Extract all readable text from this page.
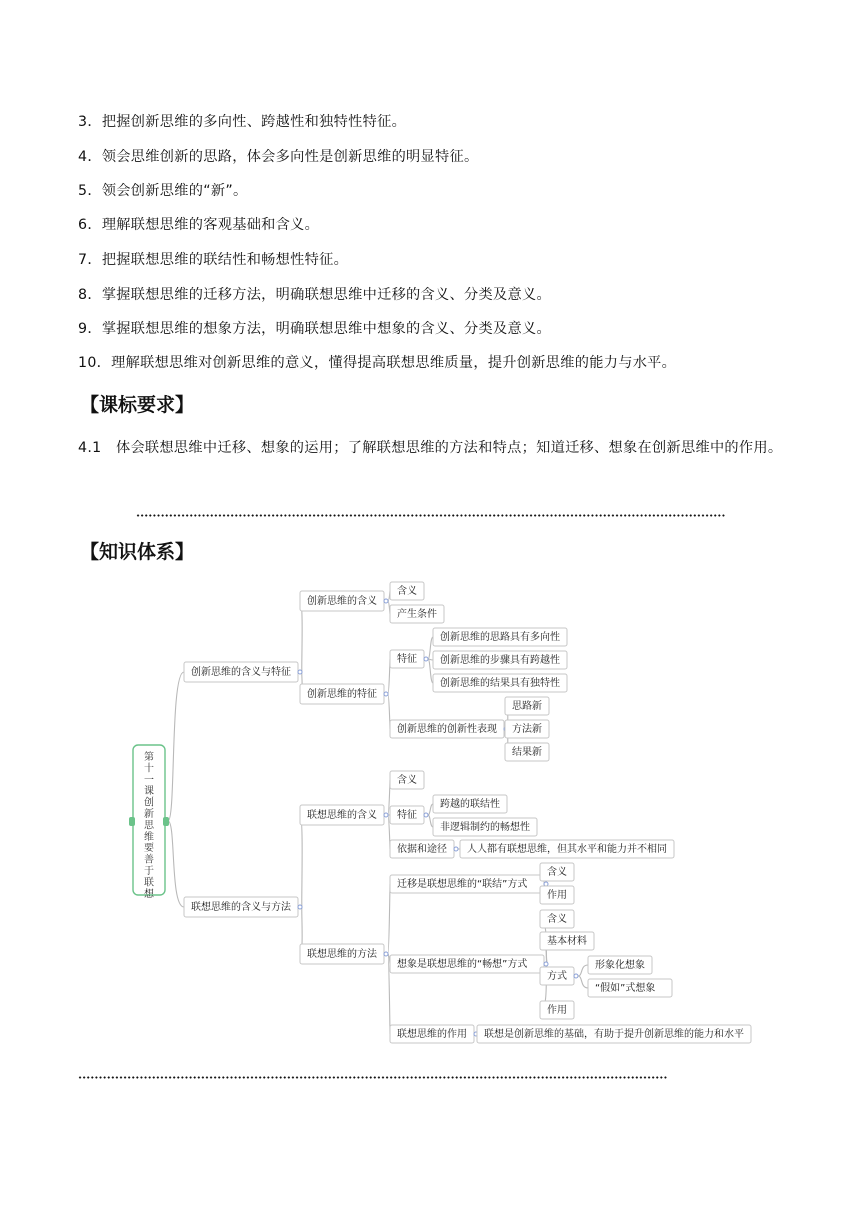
3．把握创新思维的多向性、跨越性和独特性特征。
4．领会思维创新的思路，体会多向性是创新思维的明显特征。
5．领会创新思维的“新”。
6．理解联想思维的客观基础和含义。
7．把握联想思维的联结性和畅想性特征。
8．掌握联想思维的迁移方法，明确联想思维中迁移的含义、分类及意义。
9．掌握联想思维的想象方法，明确联想思维中想象的含义、分类及意义。
10．理解联想思维对创新思维的意义，懂得提高联想思维质量，提升创新思维的能力与水平。
【课标要求】
4.1　体会联想思维中迁移、想象的运用；了解联想思维的方法和特点；知道迁移、想象在创新思维中的作用。
【知识体系】
创新思维的含义与特征
创新思维的含义
含义
产生条件
创新思维的特征
特征
创新思维的思路具有多向性
创新思维的步骤具有跨越性
创新思维的结果具有独特性
创新思维的创新性表现
思路新
方法新
结果新
联想思维的含义与方法
联想思维的含义
含义
特征
跨越的联结性
非逻辑制约的畅想性
依据和途径 人人都有联想思维，但其水平和能力并不相同
联想思维的方法
迁移是联想思维的“联结”方式
含义
作用
想象是联想思维的“畅想”方式
含义
基本材料
方式
形象化想象
“假如”式想象
作用
联想思维的作用 联想是创新思维的基础，有助于提升创新思维的能力和水平
第十一课创新思维要善于联想
